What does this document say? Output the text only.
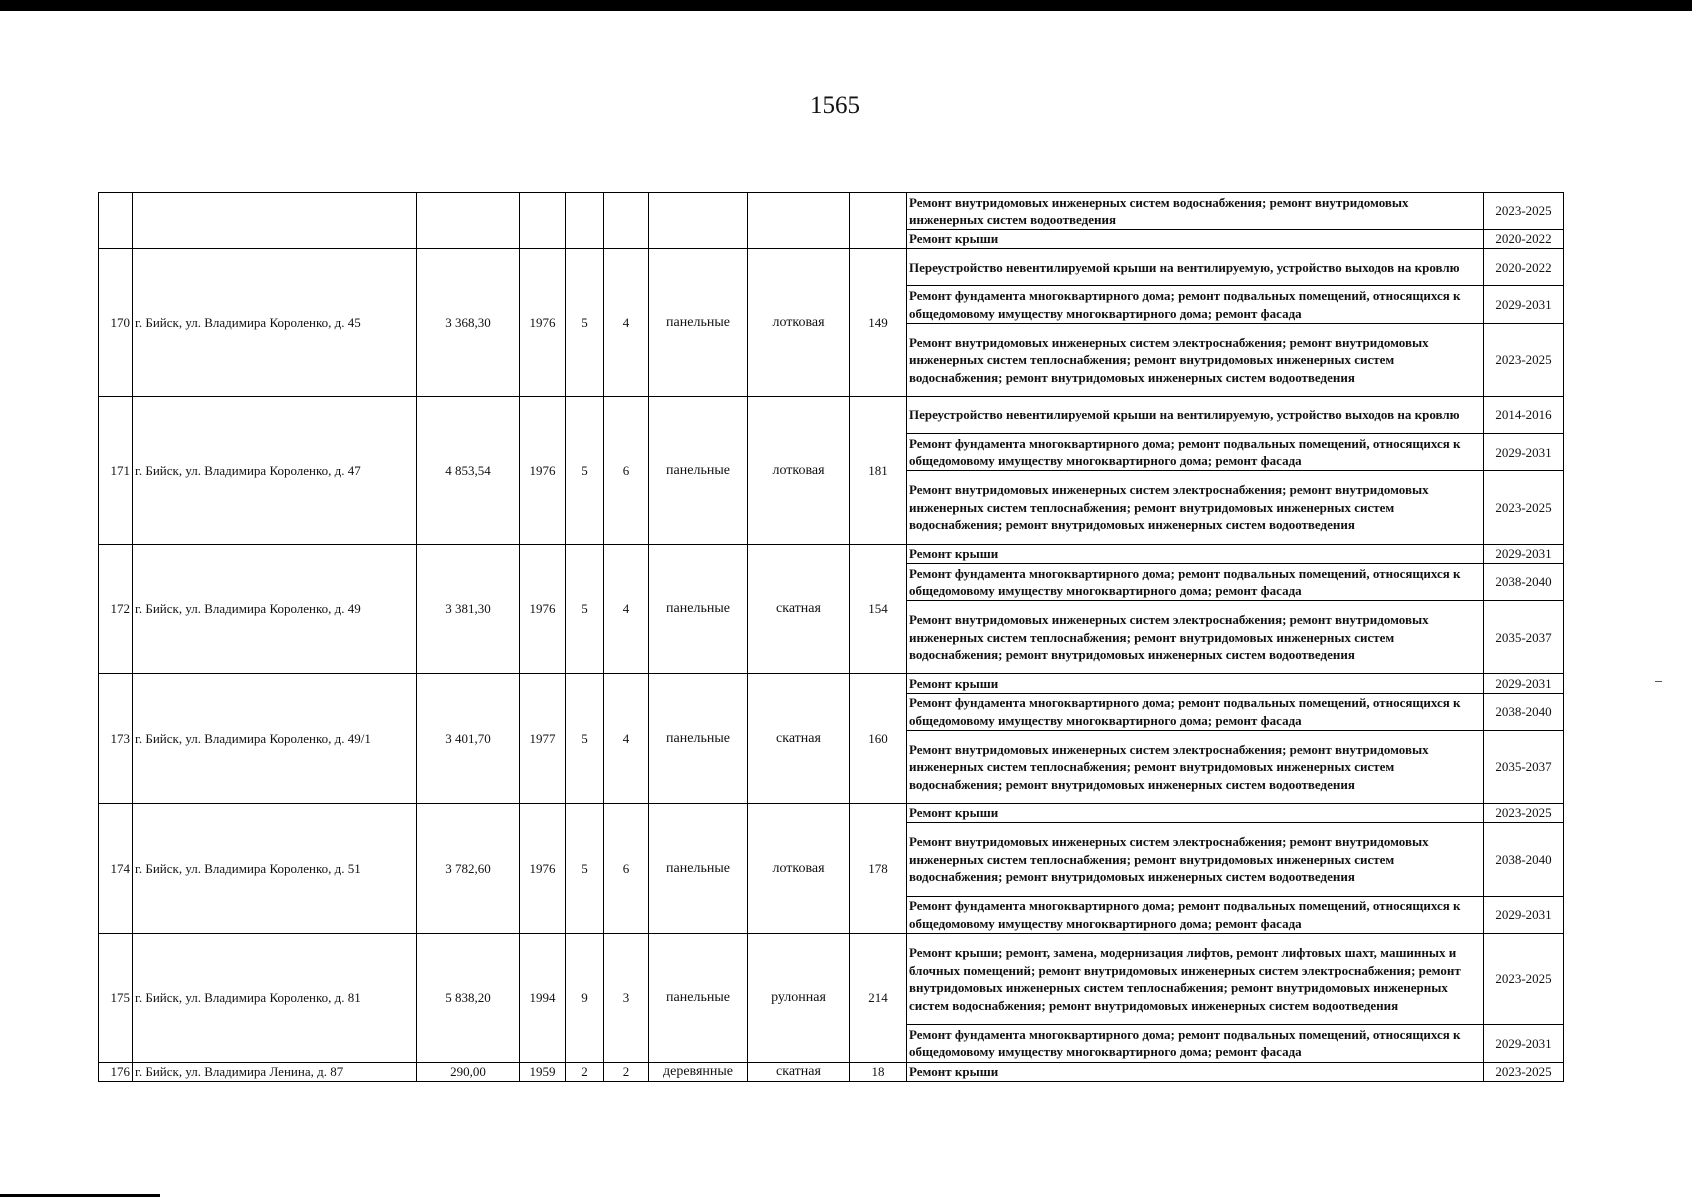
1565
									Ремонт внутридомовых инженерных систем водоснабжения; ремонт внутридомовых инженерных систем водоотведения	2023-2025
									Ремонт крыши	2020-2022
170	г. Бийск, ул. Владимира Короленко, д. 45	3 368,30	1976	5	4	панельные	лотковая	149	Переустройство невентилируемой крыши на вентилируемую, устройство выходов на кровлю	2020-2022
									Ремонт фундамента многоквартирного дома; ремонт подвальных помещений, относящихся к общедомовому имуществу многоквартирного дома; ремонт фасада	2029-2031
									Ремонт внутридомовых инженерных систем электроснабжения; ремонт внутридомовых инженерных систем теплоснабжения; ремонт внутридомовых инженерных систем водоснабжения; ремонт внутридомовых инженерных систем водоотведения	2023-2025
171	г. Бийск, ул. Владимира Короленко, д. 47	4 853,54	1976	5	6	панельные	лотковая	181	Переустройство невентилируемой крыши на вентилируемую, устройство выходов на кровлю	2014-2016
									Ремонт фундамента многоквартирного дома; ремонт подвальных помещений, относящихся к общедомовому имуществу многоквартирного дома; ремонт фасада	2029-2031
									Ремонт внутридомовых инженерных систем электроснабжения; ремонт внутридомовых инженерных систем теплоснабжения; ремонт внутридомовых инженерных систем водоснабжения; ремонт внутридомовых инженерных систем водоотведения	2023-2025
172	г. Бийск, ул. Владимира Короленко, д. 49	3 381,30	1976	5	4	панельные	скатная	154	Ремонт крыши	2029-2031
									Ремонт фундамента многоквартирного дома; ремонт подвальных помещений, относящихся к общедомовому имуществу многоквартирного дома; ремонт фасада	2038-2040
									Ремонт внутридомовых инженерных систем электроснабжения; ремонт внутридомовых инженерных систем теплоснабжения; ремонт внутридомовых инженерных систем водоснабжения; ремонт внутридомовых инженерных систем водоотведения	2035-2037
173	г. Бийск, ул. Владимира Короленко, д. 49/1	3 401,70	1977	5	4	панельные	скатная	160	Ремонт крыши	2029-2031
									Ремонт фундамента многоквартирного дома; ремонт подвальных помещений, относящихся к общедомовому имуществу многоквартирного дома; ремонт фасада	2038-2040
									Ремонт внутридомовых инженерных систем электроснабжения; ремонт внутридомовых инженерных систем теплоснабжения; ремонт внутридомовых инженерных систем водоснабжения; ремонт внутридомовых инженерных систем водоотведения	2035-2037
174	г. Бийск, ул. Владимира Короленко, д. 51	3 782,60	1976	5	6	панельные	лотковая	178	Ремонт крыши	2023-2025
									Ремонт внутридомовых инженерных систем электроснабжения; ремонт внутридомовых инженерных систем теплоснабжения; ремонт внутридомовых инженерных систем водоснабжения; ремонт внутридомовых инженерных систем водоотведения	2038-2040
									Ремонт фундамента многоквартирного дома; ремонт подвальных помещений, относящихся к общедомовому имуществу многоквартирного дома; ремонт фасада	2029-2031
175	г. Бийск, ул. Владимира Короленко, д. 81	5 838,20	1994	9	3	панельные	рулонная	214	Ремонт крыши; ремонт, замена, модернизация лифтов, ремонт лифтовых шахт, машинных и блочных помещений; ремонт внутридомовых инженерных систем электроснабжения; ремонт внутридомовых инженерных систем теплоснабжения; ремонт внутридомовых инженерных систем водоснабжения; ремонт внутридомовых инженерных систем водоотведения	2023-2025
									Ремонт фундамента многоквартирного дома; ремонт подвальных помещений, относящихся к общедомовому имуществу многоквартирного дома; ремонт фасада	2029-2031
176	г. Бийск, ул. Владимира Ленина, д. 87	290,00	1959	2	2	деревянные	скатная	18	Ремонт крыши	2023-2025
